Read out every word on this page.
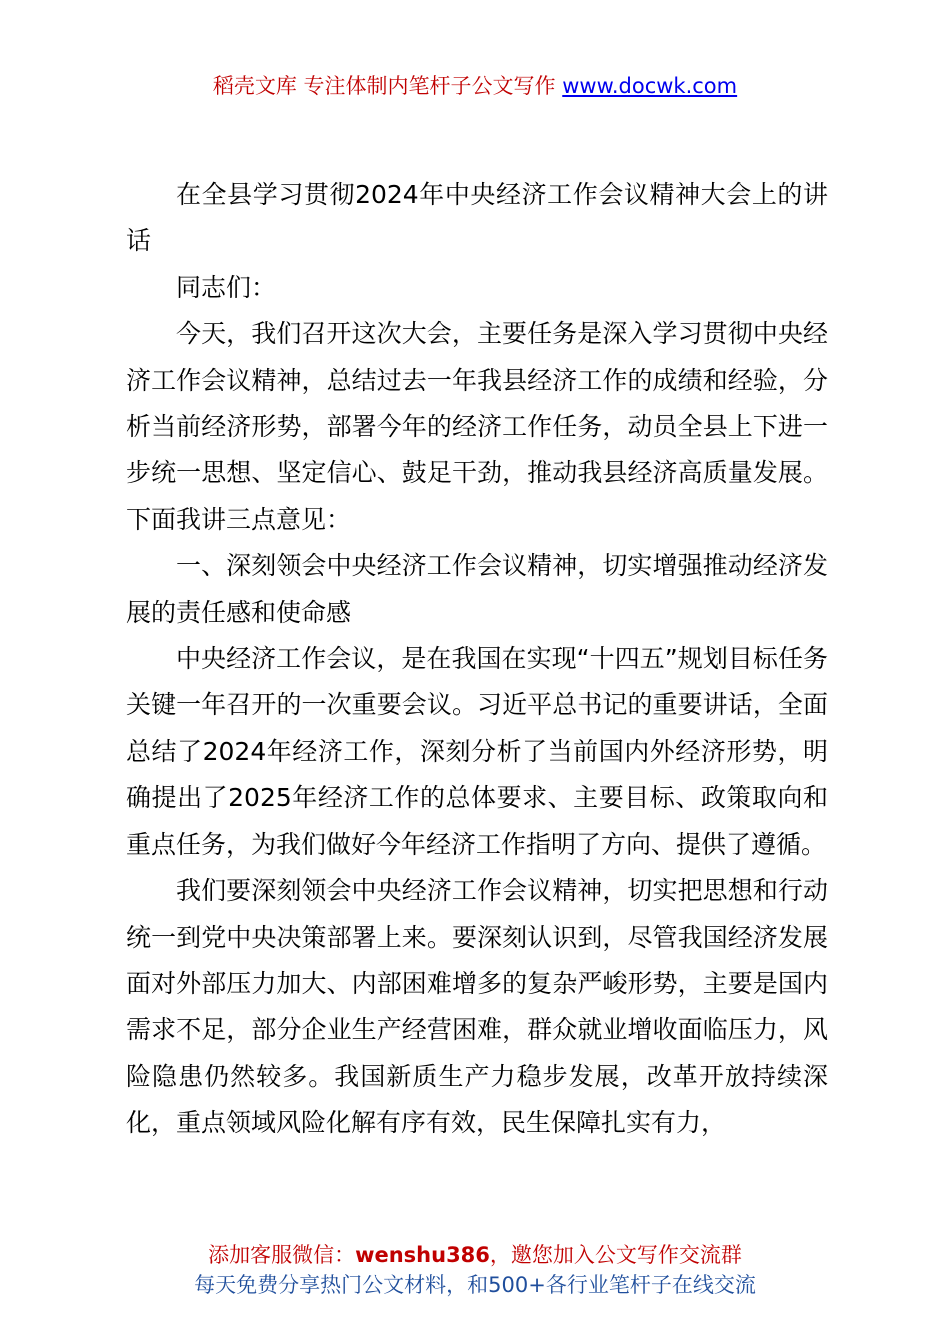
稻壳文库 专注体制内笔杆子公文写作 www.docwk.com

在全县学习贯彻2024年中央经济工作会议精神大会上的讲话

同志们：

今天，我们召开这次大会，主要任务是深入学习贯彻中央经济工作会议精神，总结过去一年我县经济工作的成绩和经验，分析当前经济形势，部署今年的经济工作任务，动员全县上下进一步统一思想、坚定信心、鼓足干劲，推动我县经济高质量发展。下面我讲三点意见：

一、深刻领会中央经济工作会议精神，切实增强推动经济发展的责任感和使命感

中央经济工作会议，是在我国在实现“十四五”规划目标任务关键一年召开的一次重要会议。习近平总书记的重要讲话，全面总结了2024年经济工作，深刻分析了当前国内外经济形势，明确提出了2025年经济工作的总体要求、主要目标、政策取向和重点任务，为我们做好今年经济工作指明了方向、提供了遵循。

我们要深刻领会中央经济工作会议精神，切实把思想和行动统一到党中央决策部署上来。要深刻认识到，尽管我国经济发展面对外部压力加大、内部困难增多的复杂严峻形势，主要是国内需求不足，部分企业生产经营困难，群众就业增收面临压力，风险隐患仍然较多。我国新质生产力稳步发展，改革开放持续深化，重点领域风险化解有序有效，民生保障扎实有力，

添加客服微信：wenshu386，邀您加入公文写作交流群
每天免费分享热门公文材料，和500+各行业笔杆子在线交流
